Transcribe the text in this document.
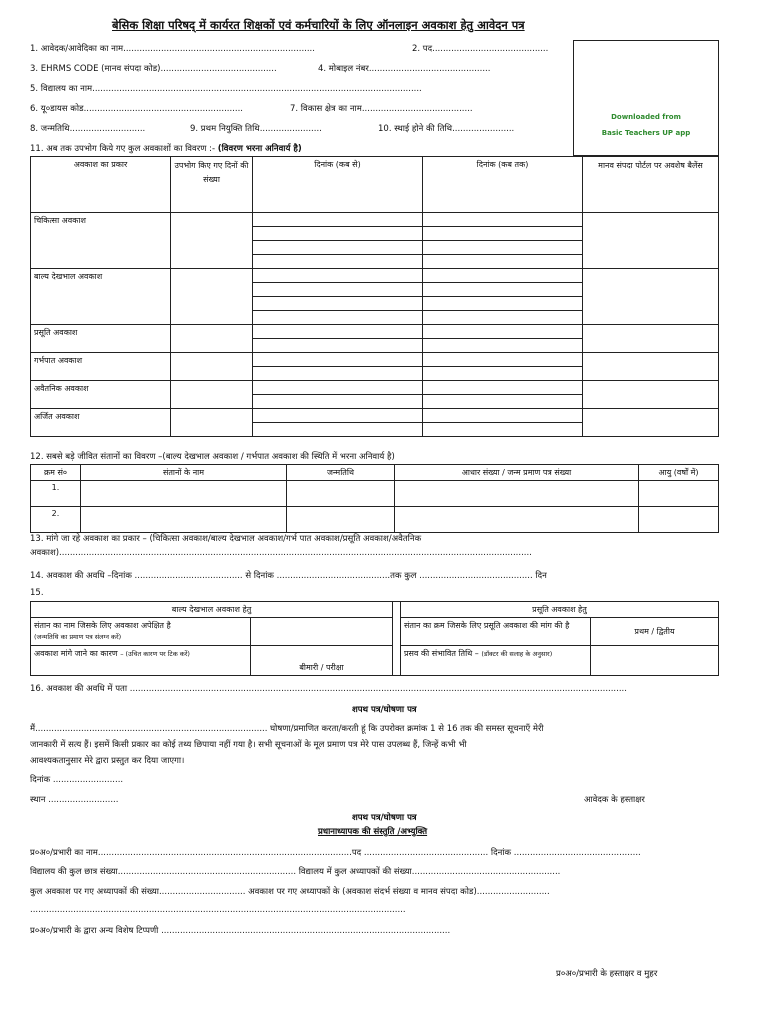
बेसिक शिक्षा परिषद् में कार्यरत शिक्षकों एवं कर्मचारियों के लिए ऑनलाइन अवकाश हेतु आवेदन पत्र
Downloaded from
Basic Teachers UP app
1. आवेदक/आवेदिका का नाम.......................................................................	2. पद...........................................
3. EHRMS CODE (मानव संपदा कोड)...........................................	4. मोबाइल नंबर.............................................
5. विद्यालय का नाम..........................................................................................................................
6. यू०डायस कोड...........................................................	7. विकास क्षेत्र का नाम.........................................
8. जन्मतिथि............................	9. प्रथम नियुक्ति तिथि.......................	10. स्थाई होने की तिथि.......................
11. अब तक उपभोग किये गए कुल अवकाशों का विवरण :- (विवरण भरना अनिवार्य है)
अवकाश का प्रकार	उपभोग किए गए दिनों की संख्या	दिनांक (कब से)	दिनांक (कब तक)	मानव संपदा पोर्टल पर अवशेष बैलेंस
चिकित्सा अवकाश				

बाल्य देखभाल अवकाश				

प्रसूति अवकाश				

गर्भपात अवकाश				

अवैतनिक अवकाश				

अर्जित अवकाश				

12. सबसे बड़े जीवित संतानों का विवरण –(बाल्य देखभाल अवकाश / गर्भपात अवकाश की स्थिति में भरना अनिवार्य है)
क्रम सं०	संतानों के नाम	जन्मतिथि	आधार संख्या / जन्म प्रमाण पत्र संख्या	आयु (वर्षों में)
1.				
2.				
13. मांगे जा रहे अवकाश का प्रकार – (चिकित्सा अवकाश/बाल्य देखभाल अवकाश/गर्भ पात अवकाश/प्रसूति अवकाश/अवैतनिक
अवकाश)...............................................................................................................................................................................
14. अवकाश की अवधि –दिनांक ........................................ से दिनांक ..........................................तक कुल .......................................... दिन
15.
बाल्य देखभाल अवकाश हेतु			प्रसूति अवकाश हेतु	
संतान का नाम जिसके लिए अवकाश अपेक्षित है
(जन्मतिथि का प्रमाण पत्र संलग्न करें)			संतान का क्रम जिसके लिए प्रसूति अवकाश की मांग की है	प्रथम / द्वितीय
अवकाश मांगे जाने का कारण – (उचित कारण पर टिक करें)	बीमारी / परीक्षा		प्रसव की संभावित तिथि – (डॉक्टर की सलाह के अनुसार)	
16. अवकाश की अवधि में पता ........................................................................................................................................................................................
शपथ पत्र/घोषणा पत्र
मैं...................................................................................... घोषणा/प्रमाणित करता/करती हूं कि उपरोक्त क्रमांक 1 से 16 तक की समस्त सूचनाएँ मेरी
जानकारी में सत्य हैं। इसमें किसी प्रकार का कोई तथ्य छिपाया नहीं गया है। सभी सूचनाओं के मूल प्रमाण पत्र मेरे पास उपलब्ध हैं, जिन्हें कभी भी
आवश्यकतानुसार मेरे द्वारा प्रस्तुत कर दिया जाएगा।
दिनांक ..........................
स्थान ..........................	आवेदक के हस्ताक्षर
शपथ पत्र/घोषणा पत्र
प्रधानाध्यापक की संस्तुति /अभ्युक्ति
प्र०अ०/प्रभारी का नाम..............................................................................................पद .............................................. दिनांक ...............................................
विद्यालय की कुल छात्र संख्या.................................................................. विद्यालय में कुल अध्यापकों की संख्या.......................................................
कुल अवकाश पर गए अध्यापकों की संख्या................................ अवकाश पर गए अध्यापकों के (अवकाश संदर्भ संख्या व मानव संपदा कोड)...........................
...........................................................................................................................................
प्र०अ०/प्रभारी के द्वारा अन्य विशेष टिप्पणी ...........................................................................................................
प्र०अ०/प्रभारी के हस्ताक्षर व मुहर
